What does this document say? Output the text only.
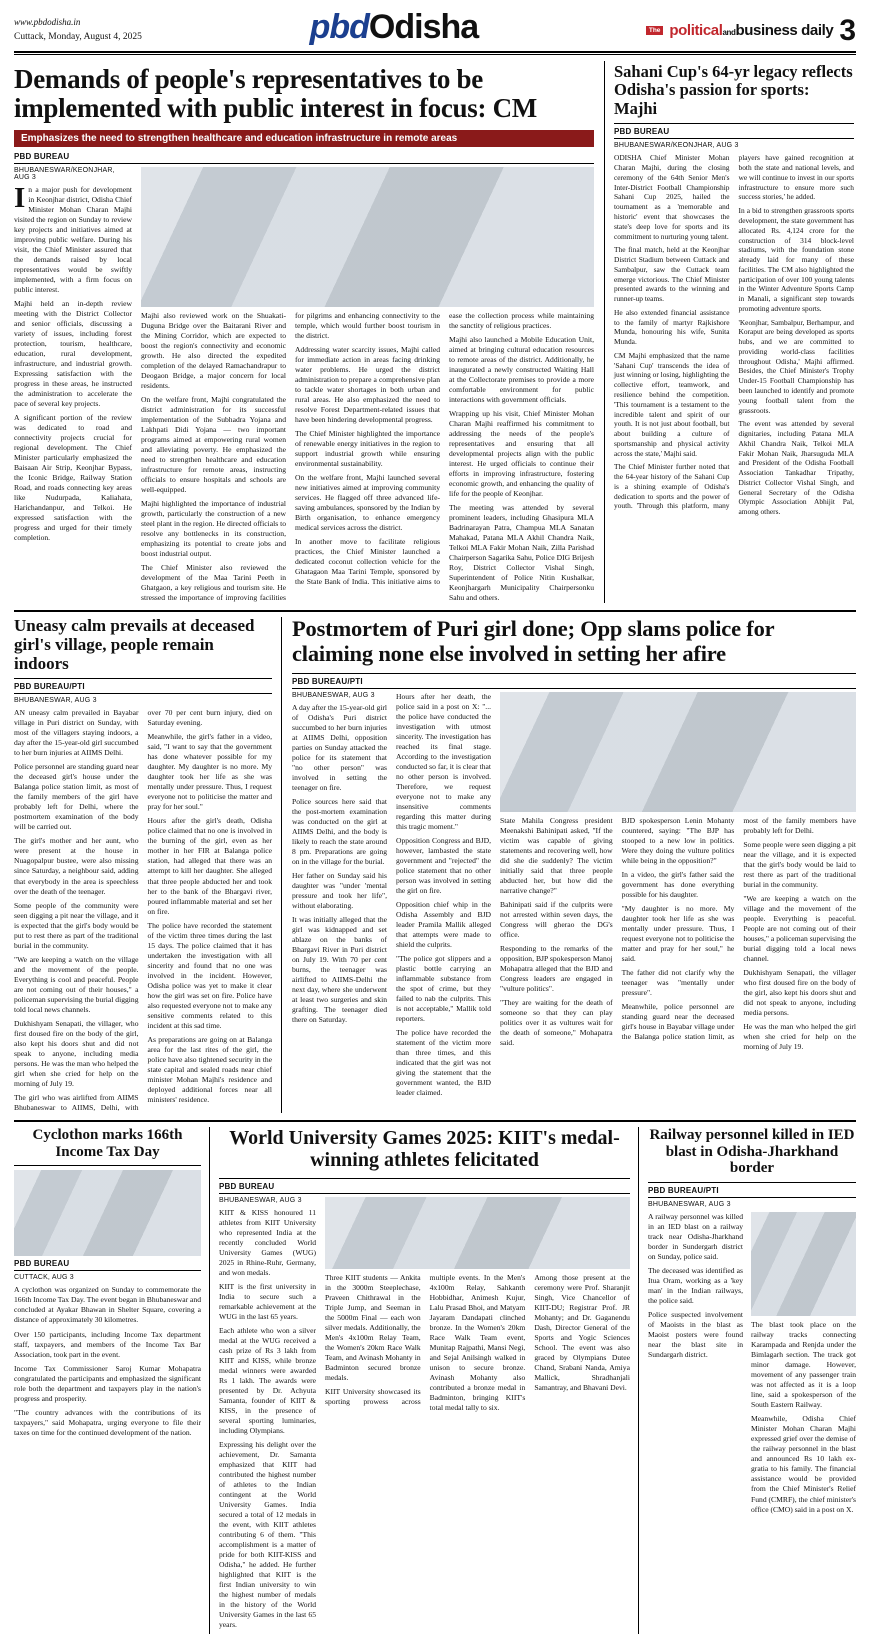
www.pbdodisha.in
Cuttack, Monday, August 4, 2025	pbdOdisha	The politicalandbusiness daily 3
Demands of people's representatives to be implemented with public interest in focus: CM
Emphasizes the need to strengthen healthcare and education infrastructure in remote areas
PBD BUREAU
BHUBANESWAR/KEONJHAR, AUG 3

In a major push for development in Keonjhar district, Odisha Chief Minister Mohan Charan Majhi visited the region on Sunday to review key projects and initiatives aimed at improving public welfare. During his visit, the Chief Minister assured that the demands raised by local representatives would be swiftly implemented, with a firm focus on public interest.

Majhi held an in-depth review meeting with the District Collector and senior officials, discussing a variety of issues, including forest protection, tourism, healthcare, education, rural development, infrastructure, and industrial growth. Expressing satisfaction with the progress in these areas, he instructed the administration to accelerate the pace of several key projects.

A significant portion of the review was dedicated to road and connectivity projects crucial for regional development. The Chief Minister particularly emphasized the Baisaan Air Strip, Keonjhar Bypass, the Iconic Bridge, Railway Station Road, and roads connecting key areas like Nudurpada, Kaliahata, Harichandanpur, and Telkoi. He expressed satisfaction with the progress and urged for their timely completion.

Majhi also reviewed work on the Shuakati-Duguna Bridge over the Baitarani River and the Mining Corridor, which are expected to boost the region's connectivity and economic growth. He also directed the expedited completion of the delayed Ramachandrapur to Deogaon Bridge, a major concern for local residents.

On the welfare front, Majhi congratulated the district administration for its successful implementation of the Subhadra Yojana and Lakhpati Didi Yojana — two important programs aimed at empowering rural women and alleviating poverty. He emphasized the need to strengthen healthcare and education infrastructure for remote areas, instructing officials to ensure hospitals and schools are well-equipped.

Majhi highlighted the importance of industrial growth, particularly the construction of a new steel plant in the region. He directed officials to resolve any bottlenecks in its construction, emphasizing its potential to create jobs and boost industrial output.

The Chief Minister also reviewed the development of the Maa Tarini Peeth in Ghatgaon, a key religious and tourism site. He stressed the importance of improving facilities for pilgrims and enhancing connectivity to the temple, which would further boost tourism in the district.

Addressing water scarcity issues, Majhi called for immediate action in areas facing drinking water problems. He urged the district administration to prepare a comprehensive plan to tackle water shortages in both urban and rural areas. He also emphasized the need to resolve Forest Department-related issues that have been hindering developmental progress.

The Chief Minister highlighted the importance of renewable energy initiatives in the region to support industrial growth while ensuring environmental sustainability.

On the welfare front, Majhi launched several new initiatives aimed at improving community services. He flagged off three advanced life-saving ambulances, sponsored by the Indian by Birth organisation, to enhance emergency medical services across the district.

In another move to facilitate religious practices, the Chief Minister launched a dedicated coconut collection vehicle for the Ghatagaon Maa Tarini Temple, sponsored by the State Bank of India. This initiative aims to ease the collection process while maintaining the sanctity of religious practices.

Majhi also launched a Mobile Education Unit, aimed at bringing cultural education resources to remote areas of the district. Additionally, he inaugurated a newly constructed Waiting Hall at the Collectorate premises to provide a more comfortable environment for public interactions with government officials.

Wrapping up his visit, Chief Minister Mohan Charan Majhi reaffirmed his commitment to addressing the needs of the people's representatives and ensuring that all developmental projects align with the public interest. He urged officials to continue their efforts in improving infrastructure, fostering economic growth, and enhancing the quality of life for the people of Keonjhar.

The meeting was attended by several prominent leaders, including Ghasipura MLA Badrinarayan Patra, Champua MLA Sanatan Mahakad, Patana MLA Akhil Chandra Naik, Telkoi MLA Fakir Mohan Naik, Zilla Parishad Chairperson Sagarika Sahu, Police DIG Brijesh Roy, District Collector Vishal Singh, Superintendent of Police Nitin Kushalkar, Keonjhargarh Municipality Chairpersonku Sahu and others.

Sahani Cup's 64-yr legacy reflects Odisha's passion for sports: Majhi
PBD BUREAU
BHUBANESWAR/KEONJHAR, AUG 3

ODISHA Chief Minister Mohan Charan Majhi, during the closing ceremony of the 64th Senior Men's Inter-District Football Championship Sahani Cup 2025, hailed the tournament as a 'memorable and historic' event that showcases the state's deep love for sports and its commitment to nurturing young talent.

The final match, held at the Keonjhar District Stadium between Cuttack and Sambalpur, saw the Cuttack team emerge victorious. The Chief Minister presented awards to the winning and runner-up teams.

He also extended financial assistance to the family of martyr Rajkishore Munda, honouring his wife, Sunita Munda.

CM Majhi emphasized that the name 'Sahani Cup' transcends the idea of just winning or losing, highlighting the collective effort, teamwork, and resilience behind the competition. 'This tournament is a testament to the incredible talent and spirit of our youth. It is not just about football, but about building a culture of sportsmanship and physical activity across the state,' Majhi said.

The Chief Minister further noted that the 64-year history of the Sahani Cup is a shining example of Odisha's dedication to sports and the power of youth. 'Through this platform, many players have gained recognition at both the state and national levels, and we will continue to invest in our sports infrastructure to ensure more such success stories,' he added.

In a bid to strengthen grassroots sports development, the state government has allocated Rs. 4,124 crore for the construction of 314 block-level stadiums, with the foundation stone already laid for many of these facilities. The CM also highlighted the participation of over 100 young talents in the Winter Adventure Sports Camp in Manali, a significant step towards promoting adventure sports.

'Keonjhar, Sambalpur, Berhampur, and Koraput are being developed as sports hubs, and we are committed to providing world-class facilities throughout Odisha,' Majhi affirmed. Besides, the Chief Minister's Trophy Under-15 Football Championship has been launched to identify and promote young football talent from the grassroots.

The event was attended by several dignitaries, including Patana MLA Akhil Chandra Naik, Telkoi MLA Fakir Mohan Naik, Jharsuguda MLA and President of the Odisha Football Association Tankadhar Tripathy, District Collector Vishal Singh, and General Secretary of the Odisha Olympic Association Abhijit Pal, among others.

Uneasy calm prevails at deceased girl's village, people remain indoors
PBD BUREAU/PTI
BHUBANESWAR, AUG 3

AN uneasy calm prevailed in Bayabar village in Puri district on Sunday, with most of the villagers staying indoors, a day after the 15-year-old girl succumbed to her burn injuries at AIIMS Delhi.

Police personnel are standing guard near the deceased girl's house under the Balanga police station limit, as most of the family members of the girl have probably left for Delhi, where the postmortem examination of the body will be carried out.

The girl's mother and her aunt, who were present at the house in Nuagopalpur bustee, were also missing since Saturday, a neighbour said, adding that everybody in the area is speechless over the death of the teenager.

Some people of the community were seen digging a pit near the village, and it is expected that the girl's body would be put to rest there as part of the traditional burial in the community.

"We are keeping a watch on the village and the movement of the people. Everything is cool and peaceful. People are not coming out of their houses," a policeman supervising the burial digging told local news channels.

Dukhishyam Senapati, the villager, who first doused fire on the body of the girl, also kept his doors shut and did not speak to anyone, including media persons. He was the man who helped the girl when she cried for help on the morning of July 19.

The girl who was airlifted from AIIMS Bhubaneswar to AIIMS, Delhi, with over 70 per cent burn injury, died on Saturday evening.

Meanwhile, the girl's father in a video, said, "I want to say that the government has done whatever possible for my daughter. My daughter is no more. My daughter took her life as she was mentally under pressure. Thus, I request everyone not to politicise the matter and pray for her soul."

Hours after the girl's death, Odisha police claimed that no one is involved in the burning of the girl, even as her mother in her FIR at Balanga police station, had alleged that there was an attempt to kill her daughter. She alleged that three people abducted her and took her to the bank of the Bhargavi river, poured inflammable material and set her on fire.

The police have recorded the statement of the victim three times during the last 15 days. The police claimed that it has undertaken the investigation with all sincerity and found that no one was involved in the incident. However, Odisha police was yet to make it clear how the girl was set on fire. Police have also requested everyone not to make any sensitive comments related to this incident at this sad time.

As preparations are going on at Balanga area for the last rites of the girl, the police have also tightened security in the state capital and sealed roads near chief minister Mohan Majhi's residence and deployed additional forces near all ministers' residence.

Postmortem of Puri girl done; Opp slams police for claiming none else involved in setting her afire
PBD BUREAU/PTI
BHUBANESWAR, AUG 3

A day after the 15-year-old girl of Odisha's Puri district succumbed to her burn injuries at AIIMS Delhi, opposition parties on Sunday attacked the police for its statement that "no other person" was involved in setting the teenager on fire.

Police sources here said that the post-mortem examination was conducted on the girl at AIIMS Delhi, and the body is likely to reach the state around 8 pm. Preparations are going on in the village for the burial.

Her father on Sunday said his daughter was "under 'mental pressure and took her life", without elaborating.

It was initially alleged that the girl was kidnapped and set ablaze on the banks of Bhargavi River in Puri district on July 19. With 70 per cent burns, the teenager was airlifted to AIIMS-Delhi the next day, where she underwent at least two surgeries and skin grafting. The teenager died there on Saturday.

Hours after her death, the police said in a post on X: "... the police have conducted the investigation with utmost sincerity. The investigation has reached its final stage. According to the investigation conducted so far, it is clear that no other person is involved. Therefore, we request everyone not to make any insensitive comments regarding this matter during this tragic moment."

Opposition Congress and BJD, however, lambasted the state government and "rejected" the police statement that no other person was involved in setting the girl on fire.

Opposition chief whip in the Odisha Assembly and BJD leader Pramila Mallik alleged that attempts were made to shield the culprits.

"The police got slippers and a plastic bottle carrying an inflammable substance from the spot of crime, but they failed to nab the culprits. This is not acceptable," Mallik told reporters.

The police have recorded the statement of the victim more than three times, and this indicated that the girl was not giving the statement that the government wanted, the BJD leader claimed.

State Mahila Congress president Meenakshi Bahinipati asked, "If the victim was capable of giving statements and recovering well, how did she die suddenly? The victim initially said that three people abducted her, but how did the narrative change?"

Bahinipati said if the culprits were not arrested within seven days, the Congress will gherao the DG's office.

Responding to the remarks of the opposition, BJP spokesperson Manoj Mohapatra alleged that the BJD and Congress leaders are engaged in "vulture politics".

"They are waiting for the death of someone so that they can play politics over it as vultures wait for the death of someone," Mohapatra said.

BJD spokesperson Lenin Mohanty countered, saying: "The BJP has stooped to a new low in politics. Were they doing the vulture politics while being in the opposition?"

In a video, the girl's father said the government has done everything possible for his daughter.

"My daughter is no more. My daughter took her life as she was mentally under pressure. Thus, I request everyone not to politicise the matter and pray for her soul," he said.

The father did not clarify why the teenager was "mentally under pressure".

Meanwhile, police personnel are standing guard near the deceased girl's house in Bayabar village under the Balanga police station limit, as most of the family members have probably left for Delhi.

Some people were seen digging a pit near the village, and it is expected that the girl's body would be laid to rest there as part of the traditional burial in the community.

"We are keeping a watch on the village and the movement of the people. Everything is peaceful. People are not coming out of their houses," a policeman supervising the burial digging told a local news channel.

Dukhishyam Senapati, the villager who first doused fire on the body of the girl, also kept his doors shut and did not speak to anyone, including media persons.

He was the man who helped the girl when she cried for help on the morning of July 19.

Cyclothon marks 166th Income Tax Day
PBD BUREAU
CUTTACK, AUG 3

A cyclothon was organized on Sunday to commemorate the 166th Income Tax Day. The event began in Bhubaneswar and concluded at Ayakar Bhawan in Shelter Square, covering a distance of approximately 30 kilometres.

Over 150 participants, including Income Tax department staff, taxpayers, and members of the Income Tax Bar Association, took part in the event.

Income Tax Commissioner Saroj Kumar Mohapatra congratulated the participants and emphasized the significant role both the department and taxpayers play in the nation's progress and prosperity.

"The country advances with the contributions of its taxpayers," said Mohapatra, urging everyone to file their taxes on time for the continued development of the nation.

World University Games 2025: KIIT's medal-winning athletes felicitated
PBD BUREAU
BHUBANESWAR, AUG 3

KIIT & KISS honoured 11 athletes from KIIT University who represented India at the recently concluded World University Games (WUG) 2025 in Rhine-Ruhr, Germany, and won medals.

KIIT is the first university in India to secure such a remarkable achievement at the WUG in the last 65 years.

Each athlete who won a silver medal at the WUG received a cash prize of Rs 3 lakh from KIIT and KISS, while bronze medal winners were awarded Rs 1 lakh. The awards were presented by Dr. Achyuta Samanta, founder of KIIT & KISS, in the presence of several sporting luminaries, including Olympians.

Expressing his delight over the achievement, Dr. Samanta emphasized that KIIT had contributed the highest number of athletes to the Indian contingent at the World University Games. India secured a total of 12 medals in the event, with KIIT athletes contributing 6 of them. "This accomplishment is a matter of pride for both KIIT-KISS and Odisha," he added. He further highlighted that KIIT is the first Indian university to win the highest number of medals in the history of the World University Games in the last 65 years.

Three KIIT students — Ankita in the 3000m Steeplechase, Praveen Chithrawal in the Triple Jump, and Seeman in the 5000m Final — each won silver medals. Additionally, the Men's 4x100m Relay Team, the Women's 20km Race Walk Team, and Avinash Mohanty in Badminton secured bronze medals.

KIIT University showcased its sporting prowess across multiple events. In the Men's 4x100m Relay, Sahkanth Hobbidhar, Animesh Kujur, Lalu Prasad Bhoi, and Matyam Jayaram Dandapati clinched bronze. In the Women's 20km Race Walk Team event, Munitap Rajpathi, Mansi Negi, and Sejal Anilsingh walked in unison to secure bronze. Avinash Mohanty also contributed a bronze medal in Badminton, bringing KIIT's total medal tally to six.

Among those present at the ceremony were Prof. Sharanjit Singh, Vice Chancellor of KIIT-DU; Registrar Prof. JR Mohanty; and Dr. Gaganendu Dash, Director General of the Sports and Yogic Sciences School. The event was also graced by Olympians Dutee Chand, Srabani Nanda, Amiya Mallick, Shradhanjali Samantray, and Bhavani Devi.

Railway personnel killed in IED blast in Odisha-Jharkhand border
PBD BUREAU/PTI
BHUBANESWAR, AUG 3

A railway personnel was killed in an IED blast on a railway track near Odisha-Jharkhand border in Sundergarh district on Sunday, police said.

The deceased was identified as Itua Oram, working as a 'key man' in the Indian railways, the police said.

Police suspected involvement of Maoists in the blast as Maoist posters were found near the blast site in Sundargarh district.

The blast took place on the railway tracks connecting Karampada and Renjda under the Bimlagarh section. The track got minor damage. However, movement of any passenger train was not affected as it is a loop line, said a spokesperson of the South Eastern Railway.

Meanwhile, Odisha Chief Minister Mohan Charan Majhi expressed grief over the demise of the railway personnel in the blast and announced Rs 10 lakh ex-gratia to his family. The financial assistance would be provided from the Chief Minister's Relief Fund (CMRF), the chief minister's office (CMO) said in a post on X.
